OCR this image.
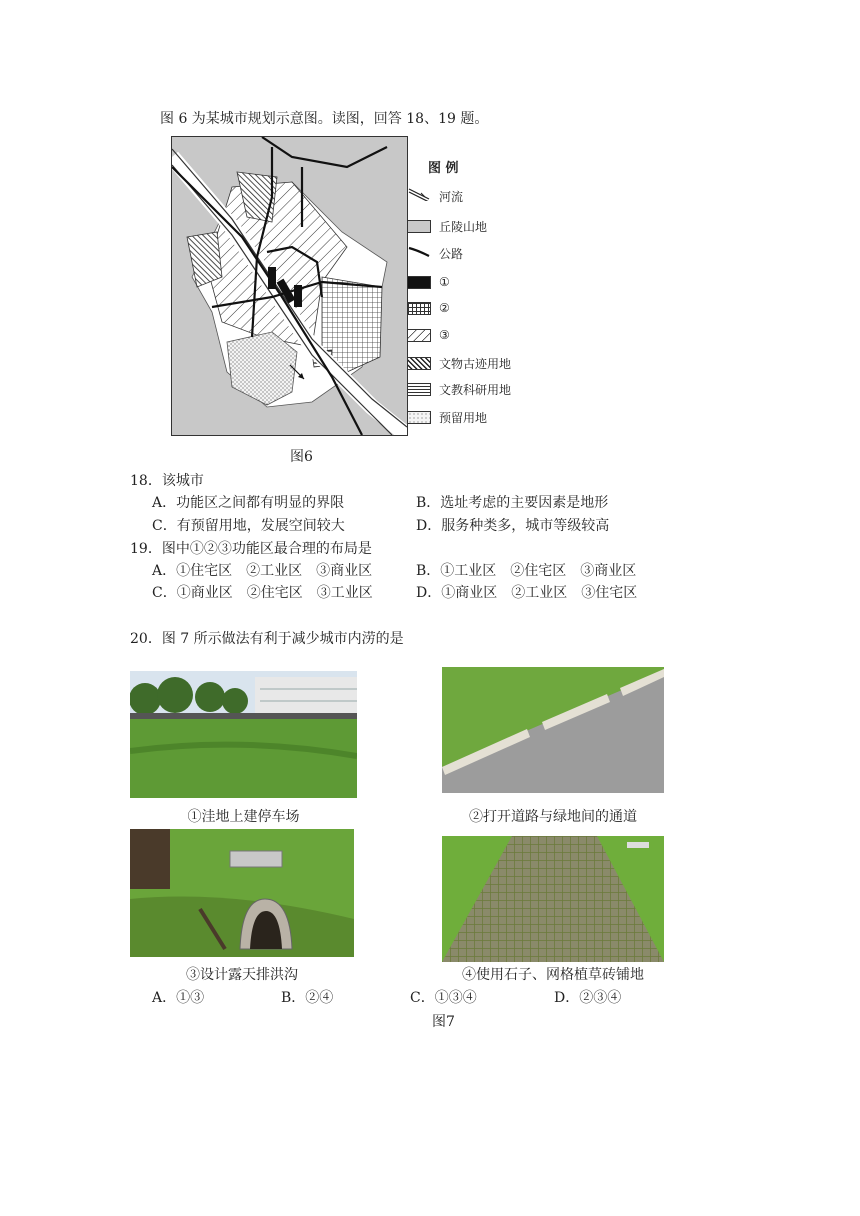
图 6 为某城市规划示意图。读图，回答 18、19 题。
图 例
河流
丘陵山地
公路
①
②
③
文物古迹用地
文教科研用地
预留用地
图6
18．该城市
A．功能区之间都有明显的界限	B．选址考虑的主要因素是地形
C．有预留用地，发展空间较大	D．服务种类多，城市等级较高
19．图中①②③功能区最合理的布局是
A．①住宅区　②工业区　③商业区	B．①工业区　②住宅区　③商业区
C．①商业区　②住宅区　③工业区	D．①商业区　②工业区　③住宅区
20．图 7 所示做法有利于减少城市内涝的是
①洼地上建停车场	②打开道路与绿地间的通道
③设计露天排洪沟	④使用石子、网格植草砖铺地
A．①③	B．②④	C．①③④	D．②③④
图7
